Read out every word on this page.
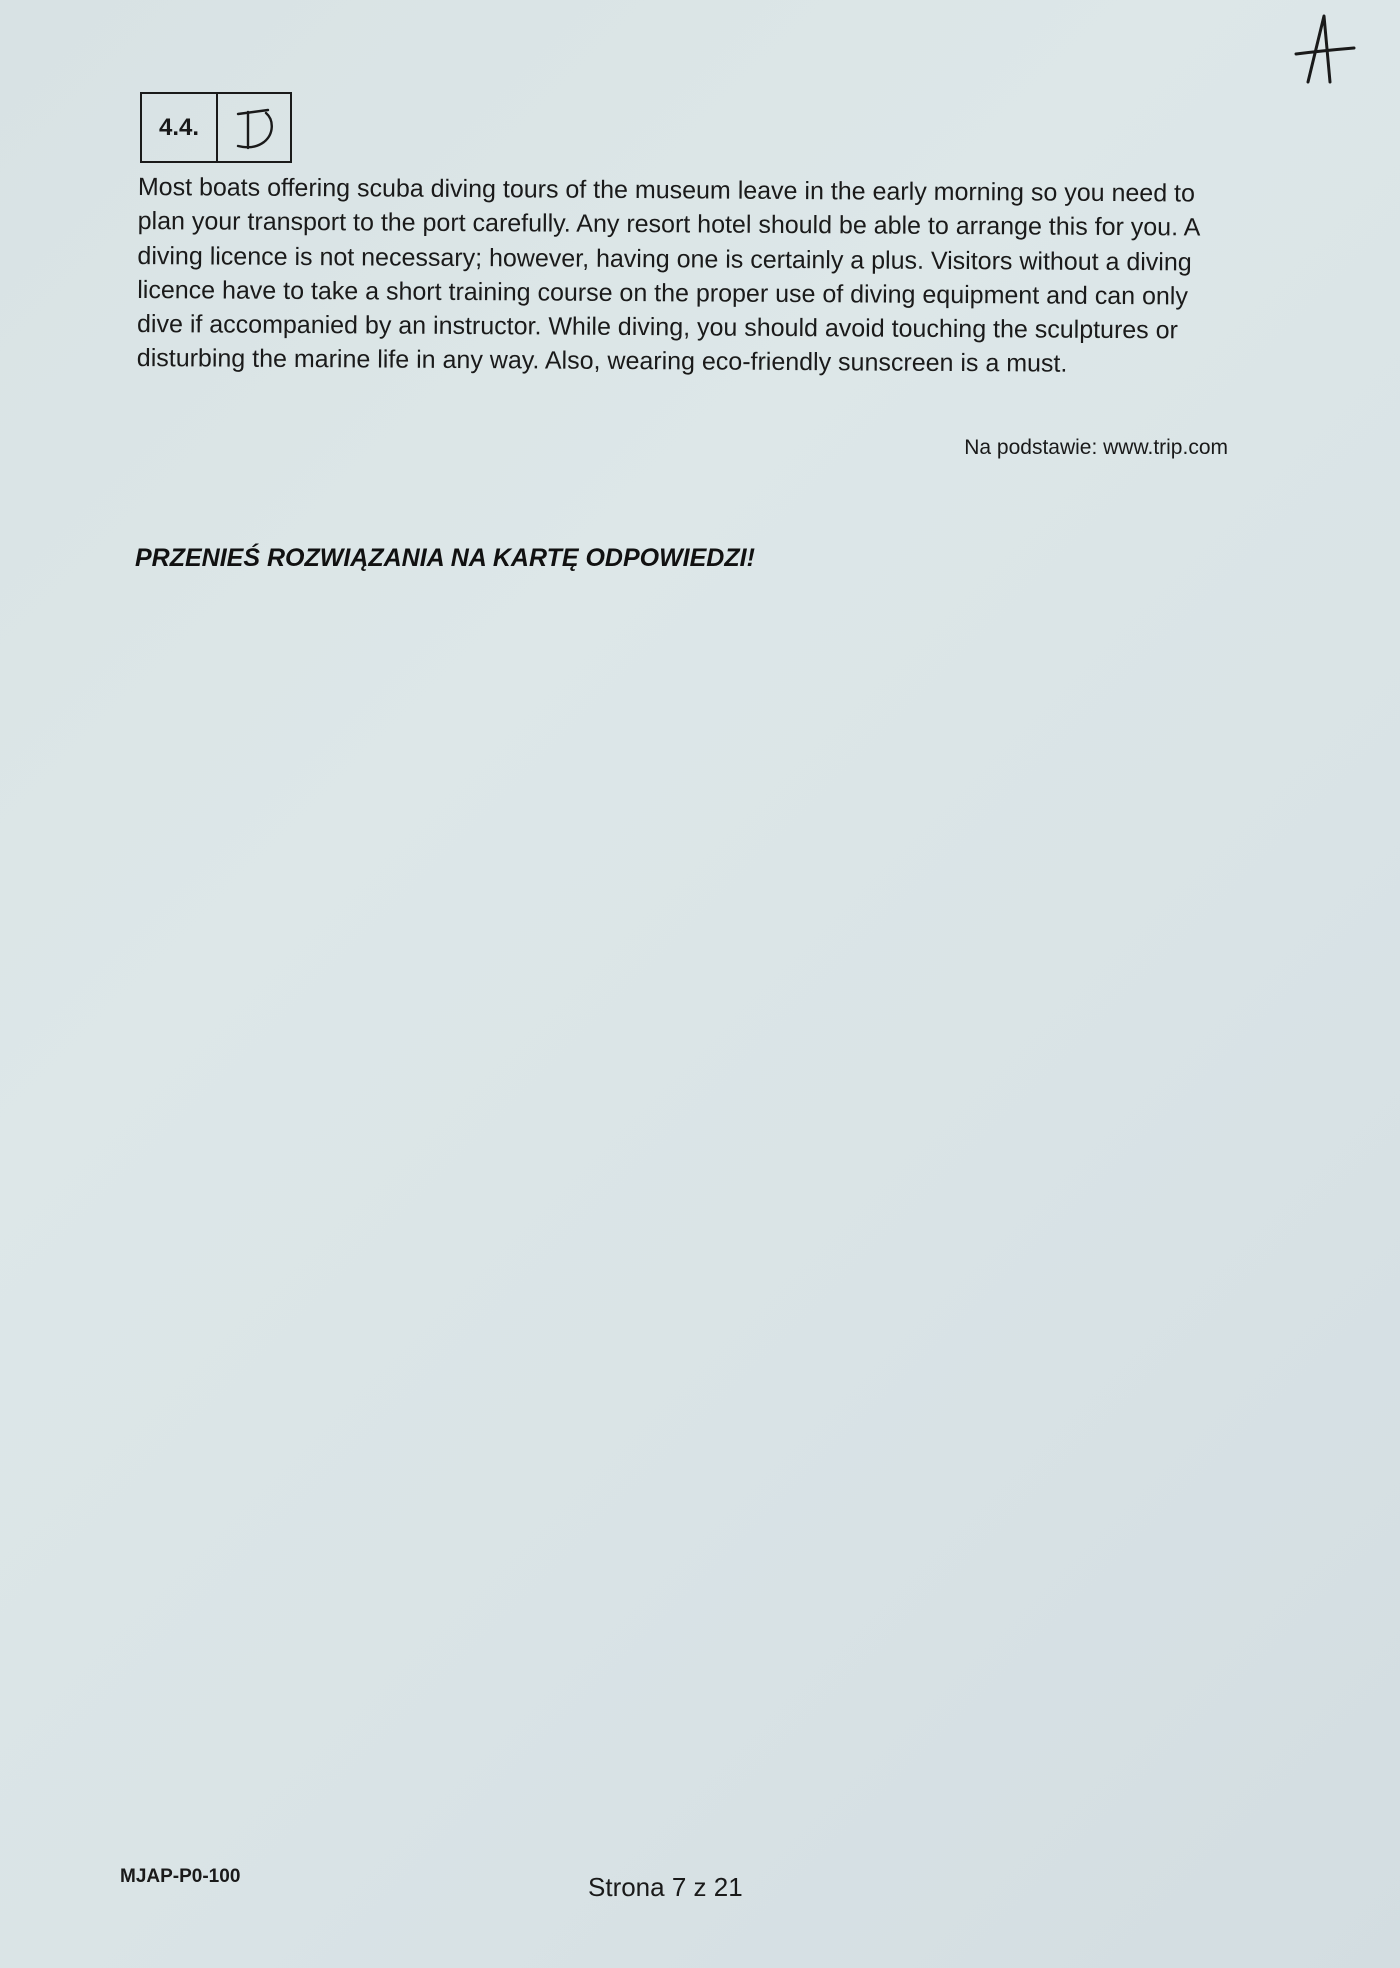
4.4.
Most boats offering scuba diving tours of the museum leave in the early morning so you need to plan your transport to the port carefully. Any resort hotel should be able to arrange this for you. A diving licence is not necessary; however, having one is certainly a plus. Visitors without a diving licence have to take a short training course on the proper use of diving equipment and can only dive if accompanied by an instructor. While diving, you should avoid touching the sculptures or disturbing the marine life in any way. Also, wearing eco-friendly sunscreen is a must.
Na podstawie: www.trip.com
PRZENIEŚ ROZWIĄZANIA NA KARTĘ ODPOWIEDZI!
MJAP-P0-100	Strona 7 z 21
